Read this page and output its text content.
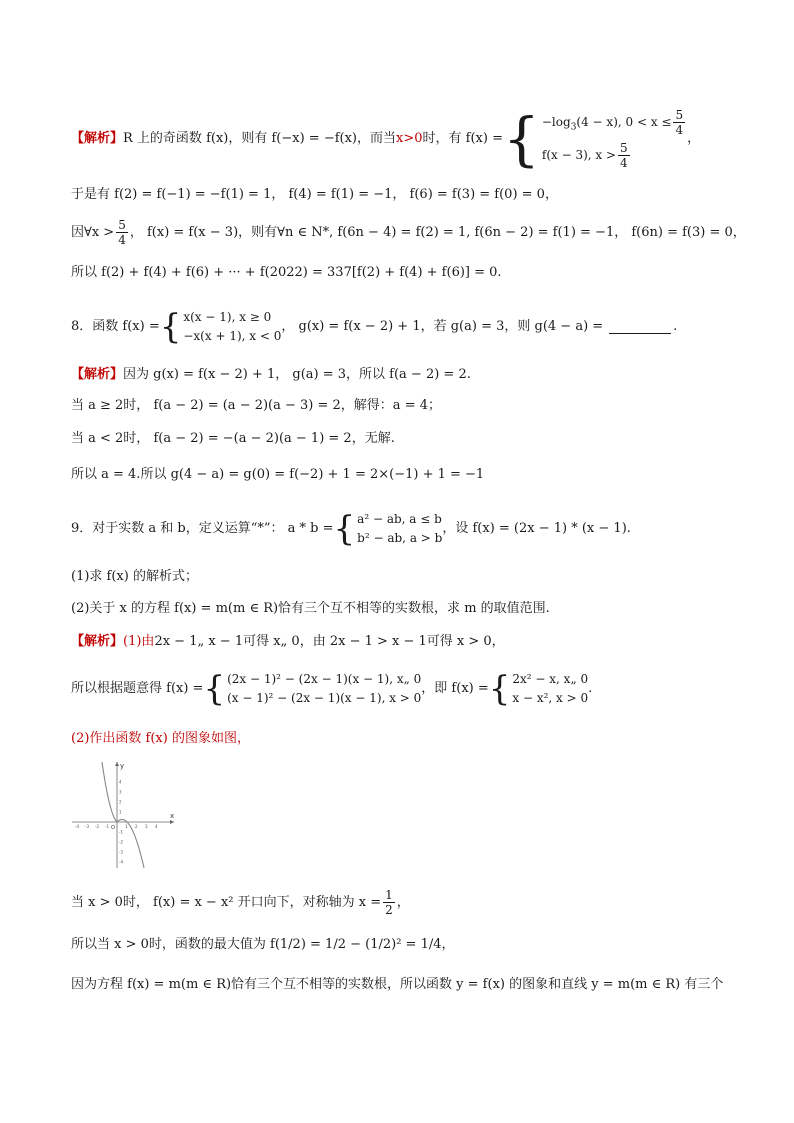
【解析】 R 上的奇函数 f(x)，则有 f(−x) = −f(x)，而当 x>0 时，有 f(x) = { $-\log_3(4 - x)$, $0 < x \le \frac{5}{4}$
f(x − 3), $x > \frac{5}{4}$
，
于是有 f(2) = f(−1) = −f(1) = 1， f(4) = f(1) = −1， f(6) = f(3) = f(0) = 0，
因∀x > $\frac{5}{4}$ ， f(x) = f(x − 3)，则有∀n ∈ N*, f(6n − 4) = f(2) = 1, f(6n − 2) = f(1) = −1， f(6n) = f(3) = 0，
所以 f(2) + f(4) + f(6) + ··· + f(2022) = 337[f(2) + f(4) + f(6)] = 0.
8．函数 f(x) = { x(x − 1), x ≥ 0
−x(x + 1), x < 0
， g(x) = f(x − 2) + 1，若 g(a) = 3，则 g(4 − a) =	.
【解析】因为 g(x) = f(x − 2) + 1， g(a) = 3，所以 f(a − 2) = 2.
当 a ≥ 2时， f(a − 2) = (a − 2)(a − 3) = 2，解得：a = 4；
当 a < 2时， f(a − 2) = −(a − 2)(a − 1) = 2，无解.
所以 a = 4.所以 g(4 − a) = g(0) = f(−2) + 1 = 2×(−1) + 1 = −1
9．对于实数 a 和 b，定义运算“*”： a * b = { a² − ab, a ≤ b
b² − ab, a > b
，设 f(x) = (2x − 1) * (x − 1).
(1)求 f(x) 的解析式；
(2)关于 x 的方程 f(x) = m(m ∈ R)恰有三个互不相等的实数根，求 m 的取值范围.
【解析】(1)由2x − 1„ x − 1可得 x„ 0，由 2x − 1 > x − 1可得 x > 0，
所以根据题意得 f(x) = { (2x − 1)² − (2x − 1)(x − 1), x„ 0
(x − 1)² − (2x − 1)(x − 1), x > 0
，即 f(x) = { 2x² − x, x„ 0
x − x², x > 0
.
(2)作出函数 f(x) 的图象如图，
x
y
O
-4 -3 -2 -1	1 2 3 4
4
3
2
1
-1
-2
-3
-4
当 x > 0时， f(x) = x − x² 开口向下，对称轴为 $x = \frac{1}{2}$ ，
所以当 x > 0时，函数的最大值为 f(1/2) = 1/2 − (1/2)² = 1/4，
因为方程 f(x) = m(m ∈ R)恰有三个互不相等的实数根，所以函数 y = f(x) 的图象和直线 y = m(m ∈ R) 有三个
